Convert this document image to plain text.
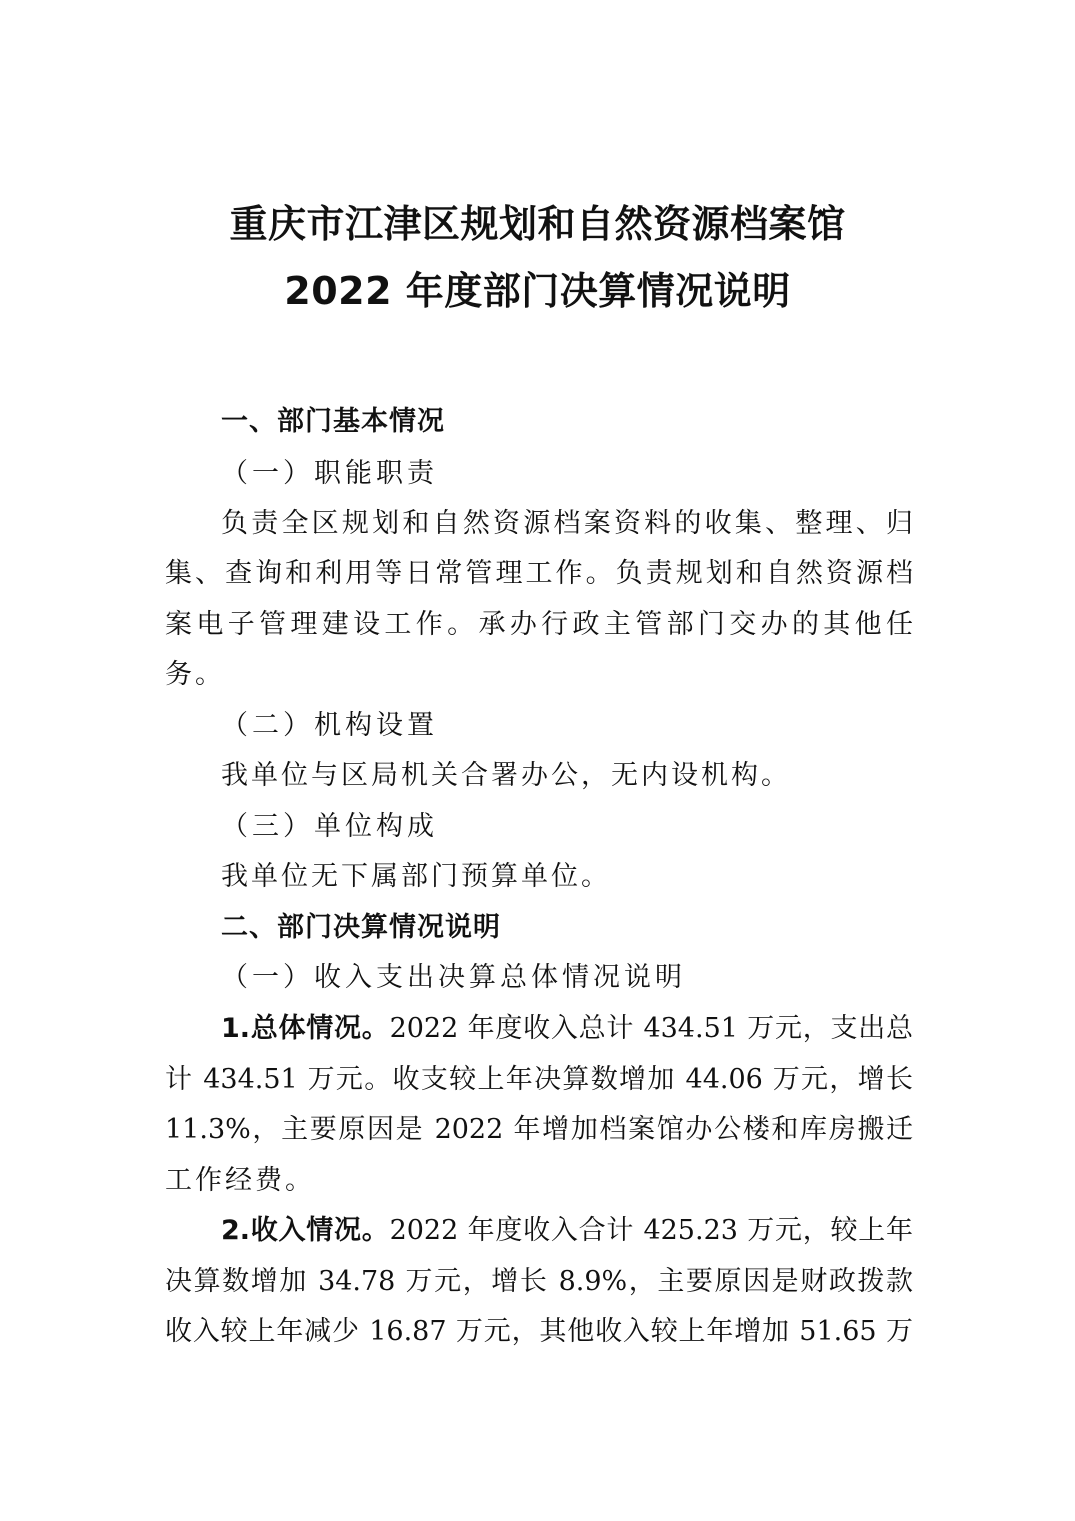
重庆市江津区规划和自然资源档案馆
2022 年度部门决算情况说明
一、部门基本情况
（一）职能职责
负责全区规划和自然资源档案资料的收集、整理、归
集、查询和利用等日常管理工作。负责规划和自然资源档
案电子管理建设工作。承办行政主管部门交办的其他任
务。
（二）机构设置
我单位与区局机关合署办公，无内设机构。
（三）单位构成
我单位无下属部门预算单位。
二、部门决算情况说明
（一）收入支出决算总体情况说明
1.总体情况。2022 年度收入总计 434.51 万元，支出总
计 434.51 万元。收支较上年决算数增加 44.06 万元，增长
11.3%，主要原因是 2022 年增加档案馆办公楼和库房搬迁
工作经费。
2.收入情况。2022 年度收入合计 425.23 万元，较上年
决算数增加 34.78 万元，增长 8.9%，主要原因是财政拨款
收入较上年减少 16.87 万元，其他收入较上年增加 51.65 万
